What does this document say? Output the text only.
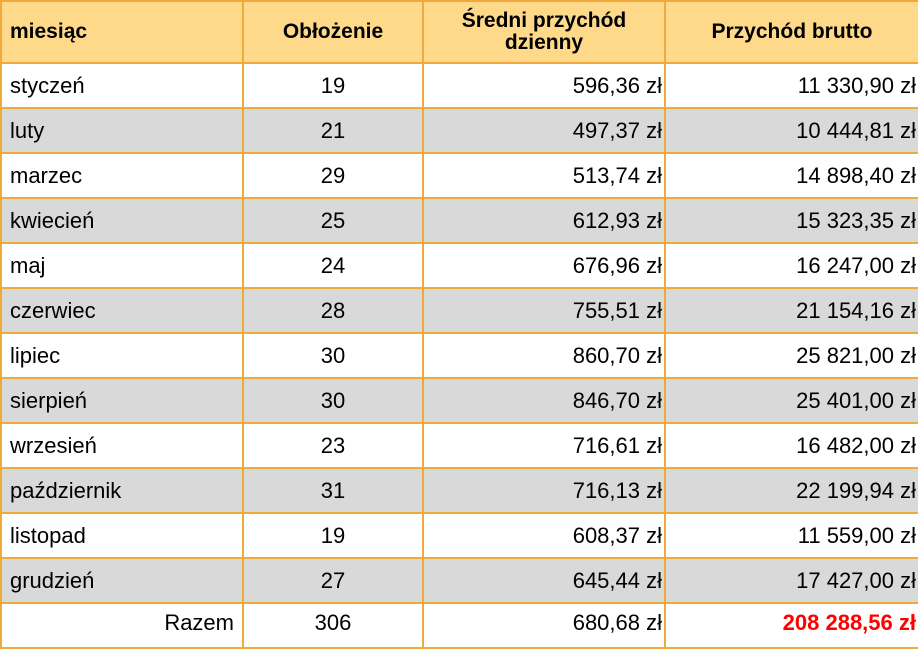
miesiąc	Obłożenie	Średni przychód dzienny	Przychód brutto
styczeń	19	596,36 zł	11 330,90 zł
luty	21	497,37 zł	10 444,81 zł
marzec	29	513,74 zł	14 898,40 zł
kwiecień	25	612,93 zł	15 323,35 zł
maj	24	676,96 zł	16 247,00 zł
czerwiec	28	755,51 zł	21 154,16 zł
lipiec	30	860,70 zł	25 821,00 zł
sierpień	30	846,70 zł	25 401,00 zł
wrzesień	23	716,61 zł	16 482,00 zł
październik	31	716,13 zł	22 199,94 zł
listopad	19	608,37 zł	11 559,00 zł
grudzień	27	645,44 zł	17 427,00 zł
Razem	306	680,68 zł	208 288,56 zł
